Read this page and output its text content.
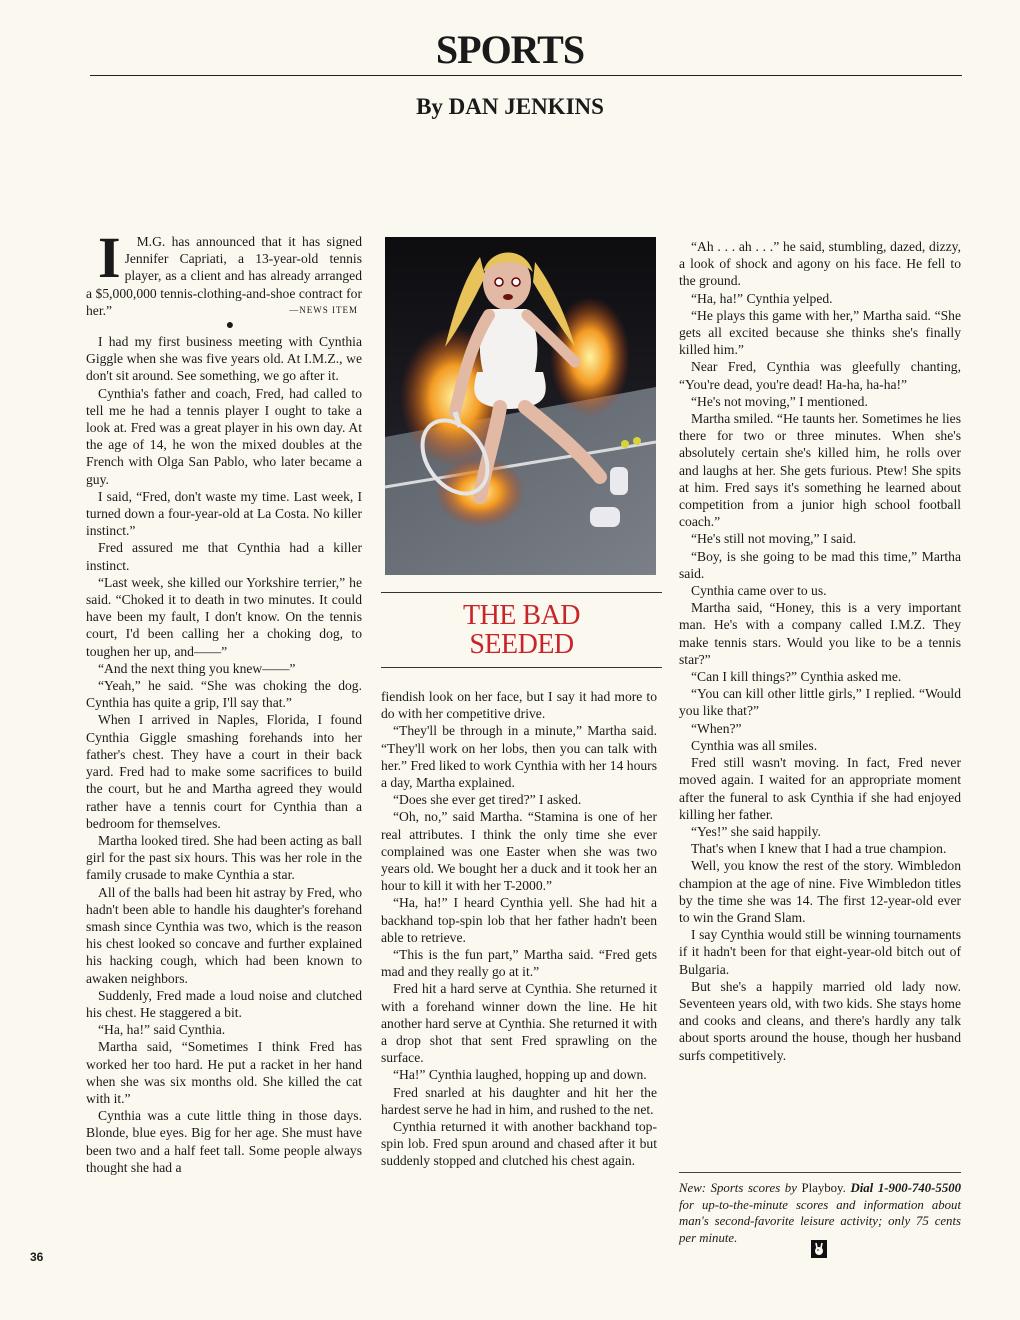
SPORTS
By DAN JENKINS

I M.G. has announced that it has signed Jennifer Capriati, a 13-year-old tennis player, as a client and has already arranged a $5,000,000 tennis-clothing-and-shoe contract for her.”	—NEWS ITEM

●

I had my first business meeting with Cynthia Giggle when she was five years old. At I.M.Z., we don't sit around. See something, we go after it.

Cynthia's father and coach, Fred, had called to tell me he had a tennis player I ought to take a look at. Fred was a great player in his own day. At the age of 14, he won the mixed doubles at the French with Olga San Pablo, who later became a guy.

I said, “Fred, don't waste my time. Last week, I turned down a four-year-old at La Costa. No killer instinct.”

Fred assured me that Cynthia had a killer instinct.

“Last week, she killed our Yorkshire terrier,” he said. “Choked it to death in two minutes. It could have been my fault, I don't know. On the tennis court, I'd been calling her a choking dog, to toughen her up, and——”

“And the next thing you knew——”

“Yeah,” he said. “She was choking the dog. Cynthia has quite a grip, I'll say that.”

When I arrived in Naples, Florida, I found Cynthia Giggle smashing forehands into her father's chest. They have a court in their back yard. Fred had to make some sacrifices to build the court, but he and Martha agreed they would rather have a tennis court for Cynthia than a bedroom for themselves.

Martha looked tired. She had been acting as ball girl for the past six hours. This was her role in the family crusade to make Cynthia a star.

All of the balls had been hit astray by Fred, who hadn't been able to handle his daughter's forehand smash since Cynthia was two, which is the reason his chest looked so concave and further explained his hacking cough, which had been known to awaken neighbors.

Suddenly, Fred made a loud noise and clutched his chest. He staggered a bit.

“Ha, ha!” said Cynthia.

Martha said, “Sometimes I think Fred has worked her too hard. He put a racket in her hand when she was six months old. She killed the cat with it.”

Cynthia was a cute little thing in those days. Blonde, blue eyes. Big for her age. She must have been two and a half feet tall. Some people always thought she had a

THE BAD
SEEDED

fiendish look on her face, but I say it had more to do with her competitive drive.

“They'll be through in a minute,” Martha said. “They'll work on her lobs, then you can talk with her.” Fred liked to work Cynthia with her 14 hours a day, Martha explained.

“Does she ever get tired?” I asked.

“Oh, no,” said Martha. “Stamina is one of her real attributes. I think the only time she ever complained was one Easter when she was two years old. We bought her a duck and it took her an hour to kill it with her T-2000.”

“Ha, ha!” I heard Cynthia yell. She had hit a backhand top-spin lob that her father hadn't been able to retrieve.

“This is the fun part,” Martha said. “Fred gets mad and they really go at it.”

Fred hit a hard serve at Cynthia. She returned it with a forehand winner down the line. He hit another hard serve at Cynthia. She returned it with a drop shot that sent Fred sprawling on the surface.

“Ha!” Cynthia laughed, hopping up and down.

Fred snarled at his daughter and hit her the hardest serve he had in him, and rushed to the net.

Cynthia returned it with another backhand top-spin lob. Fred spun around and chased after it but suddenly stopped and clutched his chest again.

“Ah . . . ah . . .” he said, stumbling, dazed, dizzy, a look of shock and agony on his face. He fell to the ground.

“Ha, ha!” Cynthia yelped.

“He plays this game with her,” Martha said. “She gets all excited because she thinks she's finally killed him.”

Near Fred, Cynthia was gleefully chanting, “You're dead, you're dead! Ha-ha, ha-ha!”

“He's not moving,” I mentioned.

Martha smiled. “He taunts her. Sometimes he lies there for two or three minutes. When she's absolutely certain she's killed him, he rolls over and laughs at her. She gets furious. Ptew! She spits at him. Fred says it's something he learned about competition from a junior high school football coach.”

“He's still not moving,” I said.

“Boy, is she going to be mad this time,” Martha said.

Cynthia came over to us.

Martha said, “Honey, this is a very important man. He's with a company called I.M.Z. They make tennis stars. Would you like to be a tennis star?”

“Can I kill things?” Cynthia asked me.

“You can kill other little girls,” I replied. “Would you like that?”

“When?”

Cynthia was all smiles.

Fred still wasn't moving. In fact, Fred never moved again. I waited for an appropriate moment after the funeral to ask Cynthia if she had enjoyed killing her father.

“Yes!” she said happily.

That's when I knew that I had a true champion.

Well, you know the rest of the story. Wimbledon champion at the age of nine. Five Wimbledon titles by the time she was 14. The first 12-year-old ever to win the Grand Slam.

I say Cynthia would still be winning tournaments if it hadn't been for that eight-year-old bitch out of Bulgaria.

But she's a happily married old lady now. Seventeen years old, with two kids. She stays home and cooks and cleans, and there's hardly any talk about sports around the house, though her husband surfs competitively.

New: Sports scores by Playboy. Dial 1-900-740-5500 for up-to-the-minute scores and information about man's second-favorite leisure activity; only 75 cents per minute.
36
